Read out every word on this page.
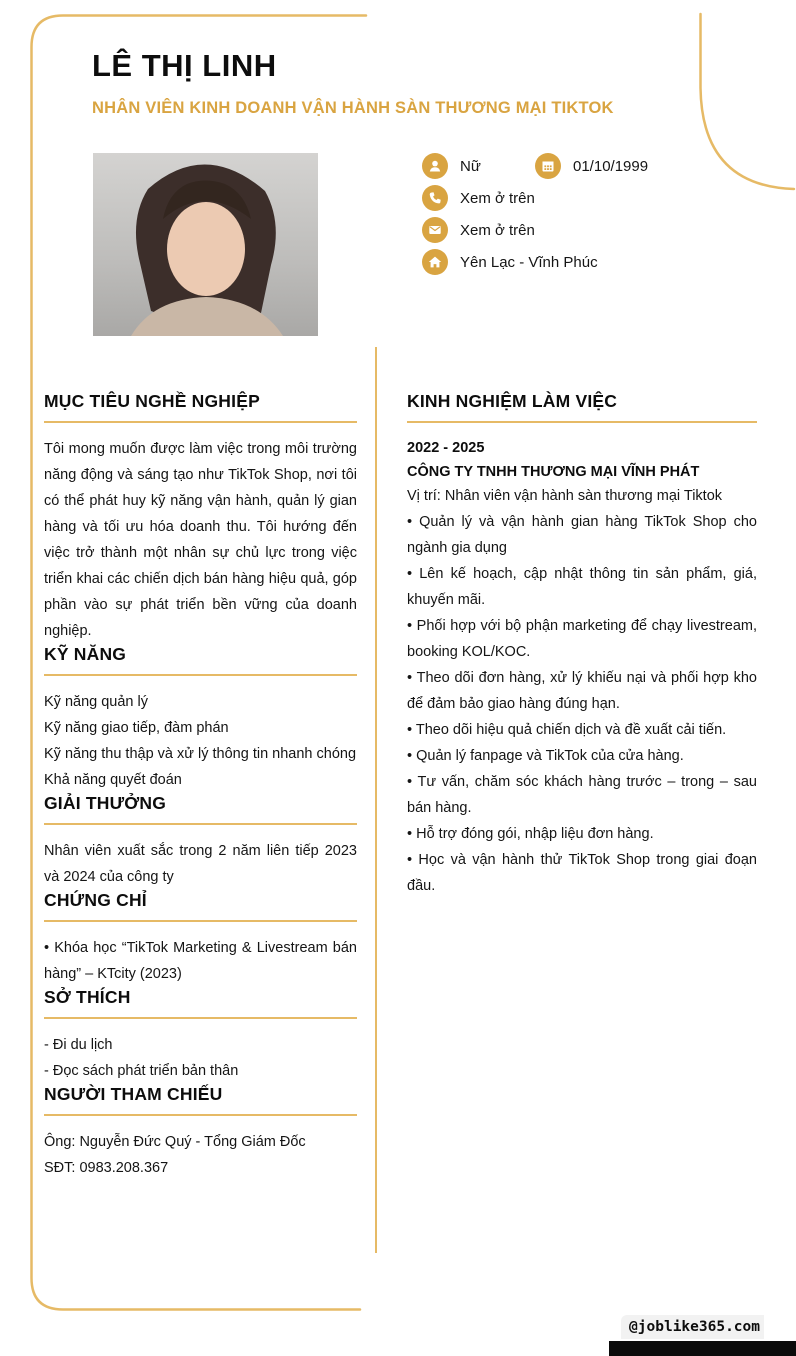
LÊ THỊ LINH
NHÂN VIÊN KINH DOANH VẬN HÀNH SÀN THƯƠNG MẠI TIKTOK
Nữ	01/10/1999
Xem ở trên
Xem ở trên
Yên Lạc - Vĩnh Phúc
MỤC TIÊU NGHỀ NGHIỆP

Tôi mong muốn được làm việc trong môi trường năng động và sáng tạo như TikTok Shop, nơi tôi có thể phát huy kỹ năng vận hành, quản lý gian hàng và tối ưu hóa doanh thu. Tôi hướng đến việc trở thành một nhân sự chủ lực trong việc triển khai các chiến dịch bán hàng hiệu quả, góp phần vào sự phát triển bền vững của doanh nghiệp.

KỸ NĂNG
Kỹ năng quản lý
Kỹ năng giao tiếp, đàm phán
Kỹ năng thu thập và xử lý thông tin nhanh chóng
Khả năng quyết đoán
GIẢI THƯỞNG

Nhân viên xuất sắc trong 2 năm liên tiếp 2023 và 2024 của công ty

CHỨNG CHỈ

• Khóa học “TikTok Marketing & Livestream bán hàng” – KTcity (2023)

SỞ THÍCH
- Đi du lịch
- Đọc sách phát triển bản thân
NGƯỜI THAM CHIẾU
Ông: Nguyễn Đức Quý - Tổng Giám Đốc
SĐT: 0983.208.367
KINH NGHIỆM LÀM VIỆC
2022 - 2025
CÔNG TY TNHH THƯƠNG MẠI VĨNH PHÁT
Vị trí: Nhân viên vận hành sàn thương mại Tiktok

• Quản lý và vận hành gian hàng TikTok Shop cho ngành gia dụng

• Lên kế hoạch, cập nhật thông tin sản phẩm, giá, khuyến mãi.

• Phối hợp với bộ phận marketing để chạy livestream, booking KOL/KOC.

• Theo dõi đơn hàng, xử lý khiếu nại và phối hợp kho để đảm bảo giao hàng đúng hạn.

• Theo dõi hiệu quả chiến dịch và đề xuất cải tiến.

• Quản lý fanpage và TikTok của cửa hàng.

• Tư vấn, chăm sóc khách hàng trước – trong – sau bán hàng.

• Hỗ trợ đóng gói, nhập liệu đơn hàng.

• Học và vận hành thử TikTok Shop trong giai đoạn đầu.

@joblike365.com
